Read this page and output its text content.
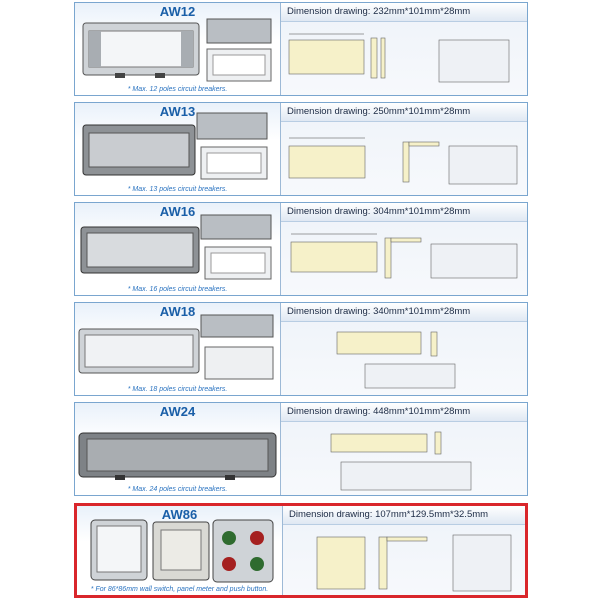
AW12
* Max. 12 poles circuit breakers.
Dimension drawing: 232mm*101mm*28mm
AW13
* Max. 13 poles circuit breakers.
Dimension drawing: 250mm*101mm*28mm
AW16
* Max. 16 poles circuit breakers.
Dimension drawing: 304mm*101mm*28mm
AW18
* Max. 18 poles circuit breakers.
Dimension drawing: 340mm*101mm*28mm
AW24
* Max. 24 poles circuit breakers.
Dimension drawing: 448mm*101mm*28mm
AW86
* For 86*86mm wall switch, panel meter and push button.
Dimension drawing: 107mm*129.5mm*32.5mm
